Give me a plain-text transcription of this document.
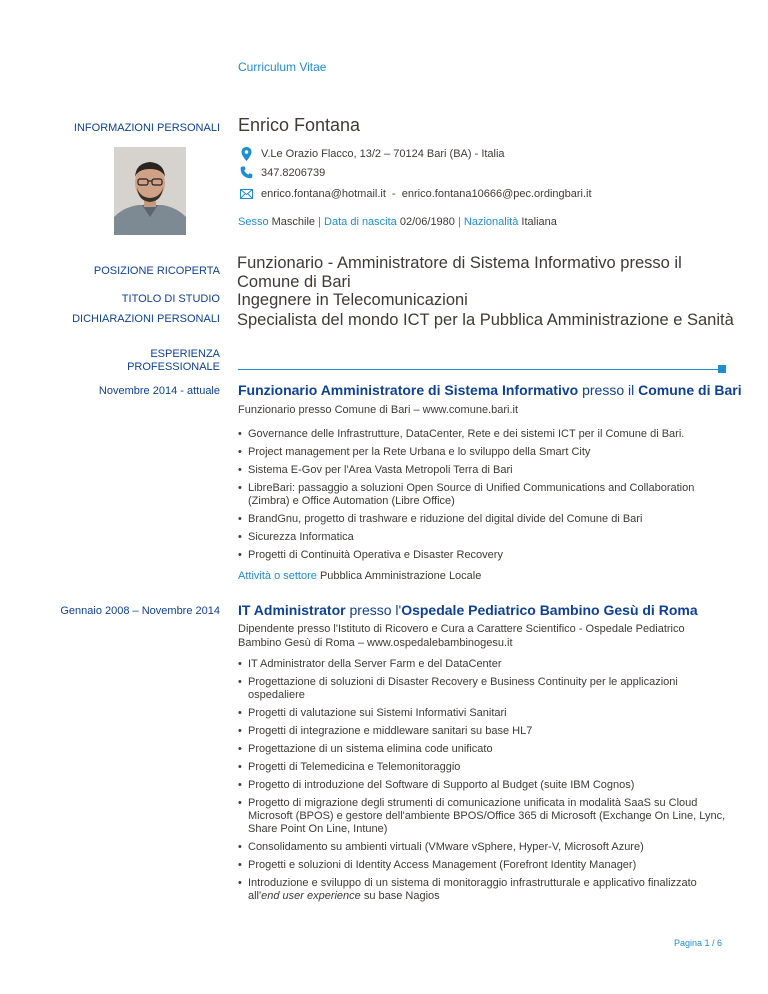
Curriculum Vitae
INFORMAZIONI PERSONALI Enrico Fontana
V.Le Orazio Flacco, 13/2 – 70124 Bari (BA) - Italia
347.8206739
enrico.fontana@hotmail.it  -  enrico.fontana10666@pec.ordingbari.it
Sesso Maschile | Data di nascita 02/06/1980 | Nazionalità Italiana
POSIZIONE RICOPERTA Funzionario - Amministratore di Sistema Informativo presso il
Comune di Bari
TITOLO DI STUDIO Ingegnere in Telecomunicazioni
DICHIARAZIONI PERSONALI Specialista del mondo ICT per la Pubblica Amministrazione e Sanità
ESPERIENZA
PROFESSIONALE
Novembre 2014 - attuale Funzionario Amministratore di Sistema Informativo presso il Comune di Bari
Funzionario presso Comune di Bari – www.comune.bari.it
• Governance delle Infrastrutture, DataCenter, Rete e dei sistemi ICT per il Comune di Bari.
• Project management per la Rete Urbana e lo sviluppo della Smart City
• Sistema E-Gov per l'Area Vasta Metropoli Terra di Bari
• LibreBari: passaggio a soluzioni Open Source di Unified Communications and Collaboration (Zimbra) e Office Automation (Libre Office)
• BrandGnu, progetto di trashware e riduzione del digital divide del Comune di Bari
• Sicurezza Informatica
• Progetti di Continuità Operativa e Disaster Recovery
Attività o settore Pubblica Amministrazione Locale
Gennaio 2008 – Novembre 2014 IT Administrator presso l'Ospedale Pediatrico Bambino Gesù di Roma
Dipendente presso l'Istituto di Ricovero e Cura a Carattere Scientifico - Ospedale Pediatrico Bambino Gesù di Roma – www.ospedalebambinogesu.it
• IT Administrator della Server Farm e del DataCenter
• Progettazione di soluzioni di Disaster Recovery e Business Continuity per le applicazioni ospedaliere
• Progetti di valutazione sui Sistemi Informativi Sanitari
• Progetti di integrazione e middleware sanitari su base HL7
• Progettazione di un sistema elimina code unificato
• Progetti di Telemedicina e Telemonitoraggio
• Progetto di introduzione del Software di Supporto al Budget (suite IBM Cognos)
• Progetto di migrazione degli strumenti di comunicazione unificata in modalità SaaS su Cloud Microsoft (BPOS) e gestore dell'ambiente BPOS/Office 365 di Microsoft (Exchange On Line, Lync, Share Point On Line, Intune)
• Consolidamento su ambienti virtuali (VMware vSphere, Hyper-V, Microsoft Azure)
• Progetti e soluzioni di Identity Access Management (Forefront Identity Manager)
• Introduzione e sviluppo di un sistema di monitoraggio infrastrutturale e applicativo finalizzato all'end user experience su base Nagios
Pagina 1 / 6
